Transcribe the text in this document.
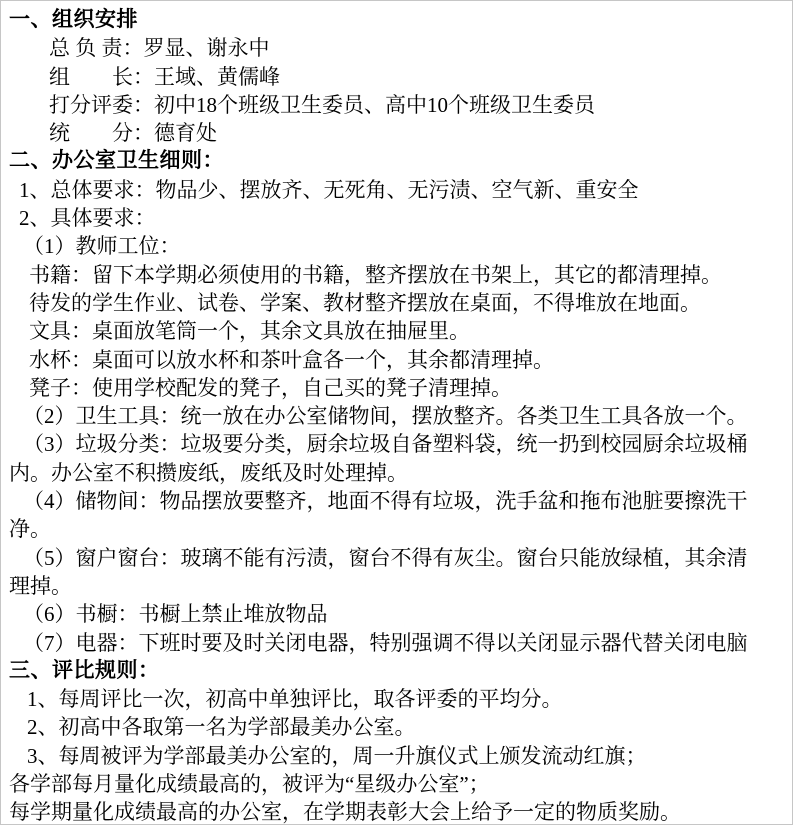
一、组织安排

总 负 责：罗显、谢永中

组　　长：王域、黄儒峰

打分评委：初中18个班级卫生委员、高中10个班级卫生委员

统　　分：德育处

二、办公室卫生细则：

1、总体要求：物品少、摆放齐、无死角、无污渍、空气新、重安全

2、具体要求：

（1）教师工位：

书籍：留下本学期必须使用的书籍，整齐摆放在书架上，其它的都清理掉。

待发的学生作业、试卷、学案、教材整齐摆放在桌面，不得堆放在地面。

文具：桌面放笔筒一个，其余文具放在抽屉里。

水杯：桌面可以放水杯和茶叶盒各一个，其余都清理掉。

凳子：使用学校配发的凳子，自己买的凳子清理掉。

（2）卫生工具：统一放在办公室储物间，摆放整齐。各类卫生工具各放一个。

（3）垃圾分类：垃圾要分类，厨余垃圾自备塑料袋，统一扔到校园厨余垃圾桶内。办公室不积攒废纸，废纸及时处理掉。

（4）储物间：物品摆放要整齐，地面不得有垃圾，洗手盆和拖布池脏要擦洗干净。

（5）窗户窗台：玻璃不能有污渍，窗台不得有灰尘。窗台只能放绿植，其余清理掉。

（6）书橱：书橱上禁止堆放物品

（7）电器：下班时要及时关闭电器，特别强调不得以关闭显示器代替关闭电脑

三、评比规则：

1、每周评比一次，初高中单独评比，取各评委的平均分。

2、初高中各取第一名为学部最美办公室。

3、每周被评为学部最美办公室的，周一升旗仪式上颁发流动红旗；

各学部每月量化成绩最高的，被评为“星级办公室”；

每学期量化成绩最高的办公室，在学期表彰大会上给予一定的物质奖励。
